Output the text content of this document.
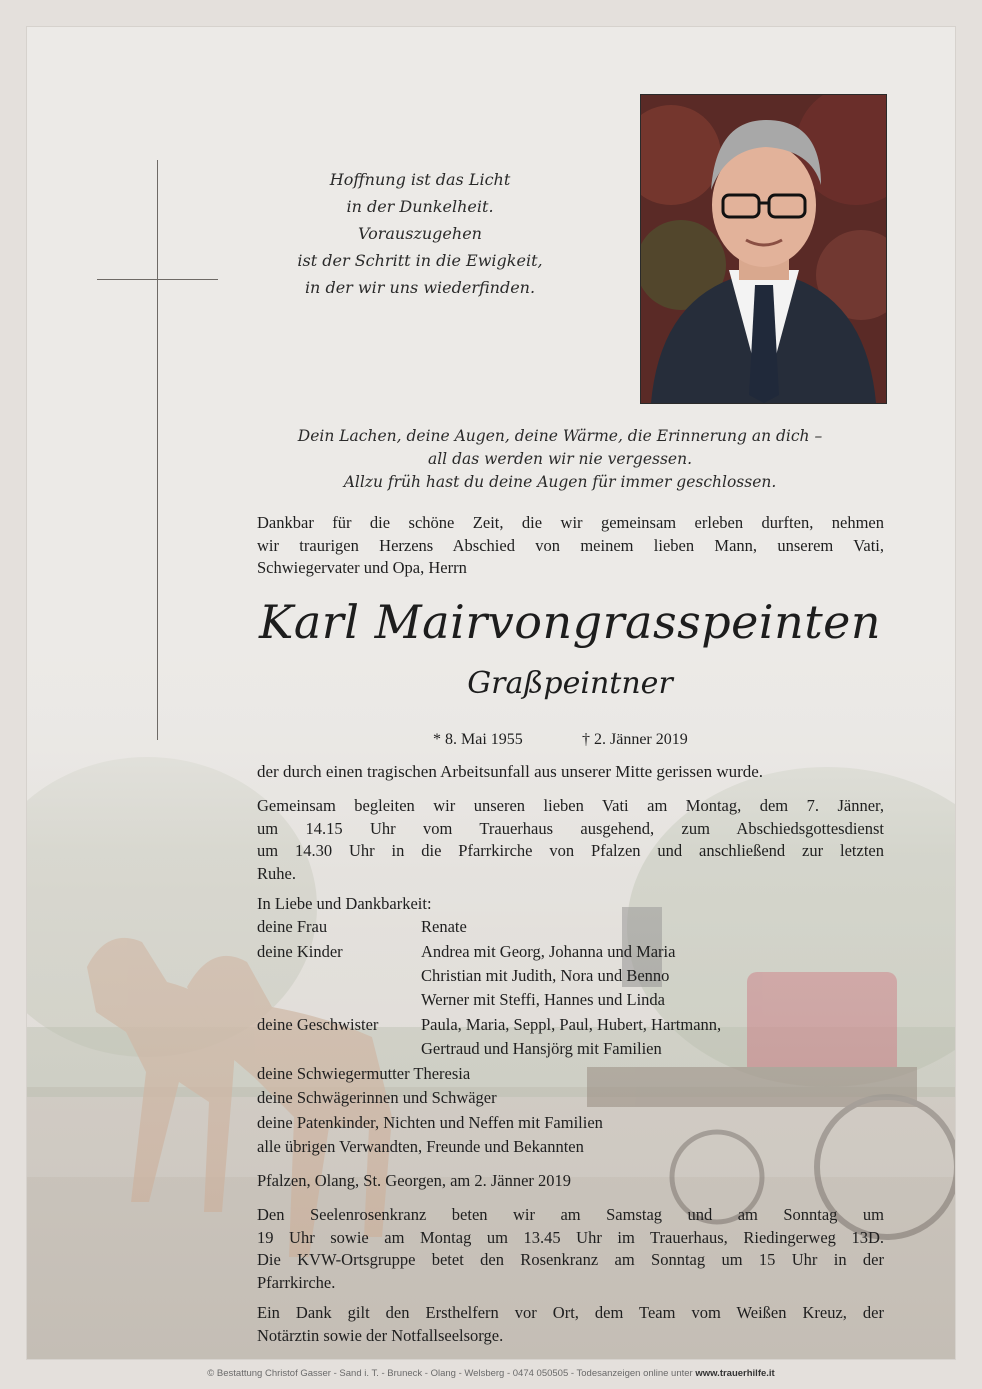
Hoffnung ist das Licht
in der Dunkelheit.
Vorauszugehen
ist der Schritt in die Ewigkeit,
in der wir uns wiederfinden.
Dein Lachen, deine Augen, deine Wärme, die Erinnerung an dich –
all das werden wir nie vergessen.
Allzu früh hast du deine Augen für immer geschlossen.
Dankbar für die schöne Zeit, die wir gemeinsam erleben durften, nehmen
wir traurigen Herzens Abschied von meinem lieben Mann, unserem Vati,
Schwiegervater und Opa, Herrn
Karl Mairvongrasspeinten
Graßpeintner
* 8. Mai 1955	† 2. Jänner 2019
der durch einen tragischen Arbeitsunfall aus unserer Mitte gerissen wurde.
Gemeinsam begleiten wir unseren lieben Vati am Montag, dem 7. Jänner,
um 14.15 Uhr vom Trauerhaus ausgehend, zum Abschiedsgottesdienst
um 14.30 Uhr in die Pfarrkirche von Pfalzen und anschließend zur letzten
Ruhe.
In Liebe und Dankbarkeit:
deine Frau	Renate
deine Kinder	Andrea mit Georg, Johanna und Maria
Christian mit Judith, Nora und Benno
Werner mit Steffi, Hannes und Linda
deine Geschwister	Paula, Maria, Seppl, Paul, Hubert, Hartmann,
Gertraud und Hansjörg mit Familien
deine Schwiegermutter Theresia
deine Schwägerinnen und Schwäger
deine Patenkinder, Nichten und Neffen mit Familien
alle übrigen Verwandten, Freunde und Bekannten
Pfalzen, Olang, St. Georgen, am 2. Jänner 2019
Den Seelenrosenkranz beten wir am Samstag und am Sonntag um
19 Uhr sowie am Montag um 13.45 Uhr im Trauerhaus, Riedingerweg 13D.
Die KVW-Ortsgruppe betet den Rosenkranz am Sonntag um 15 Uhr in der
Pfarrkirche.
Ein Dank gilt den Ersthelfern vor Ort, dem Team vom Weißen Kreuz, der
Notärztin sowie der Notfallseelsorge.
© Bestattung Christof Gasser - Sand i. T. - Bruneck - Olang - Welsberg - 0474 050505 - Todesanzeigen online unter www.trauerhilfe.it
